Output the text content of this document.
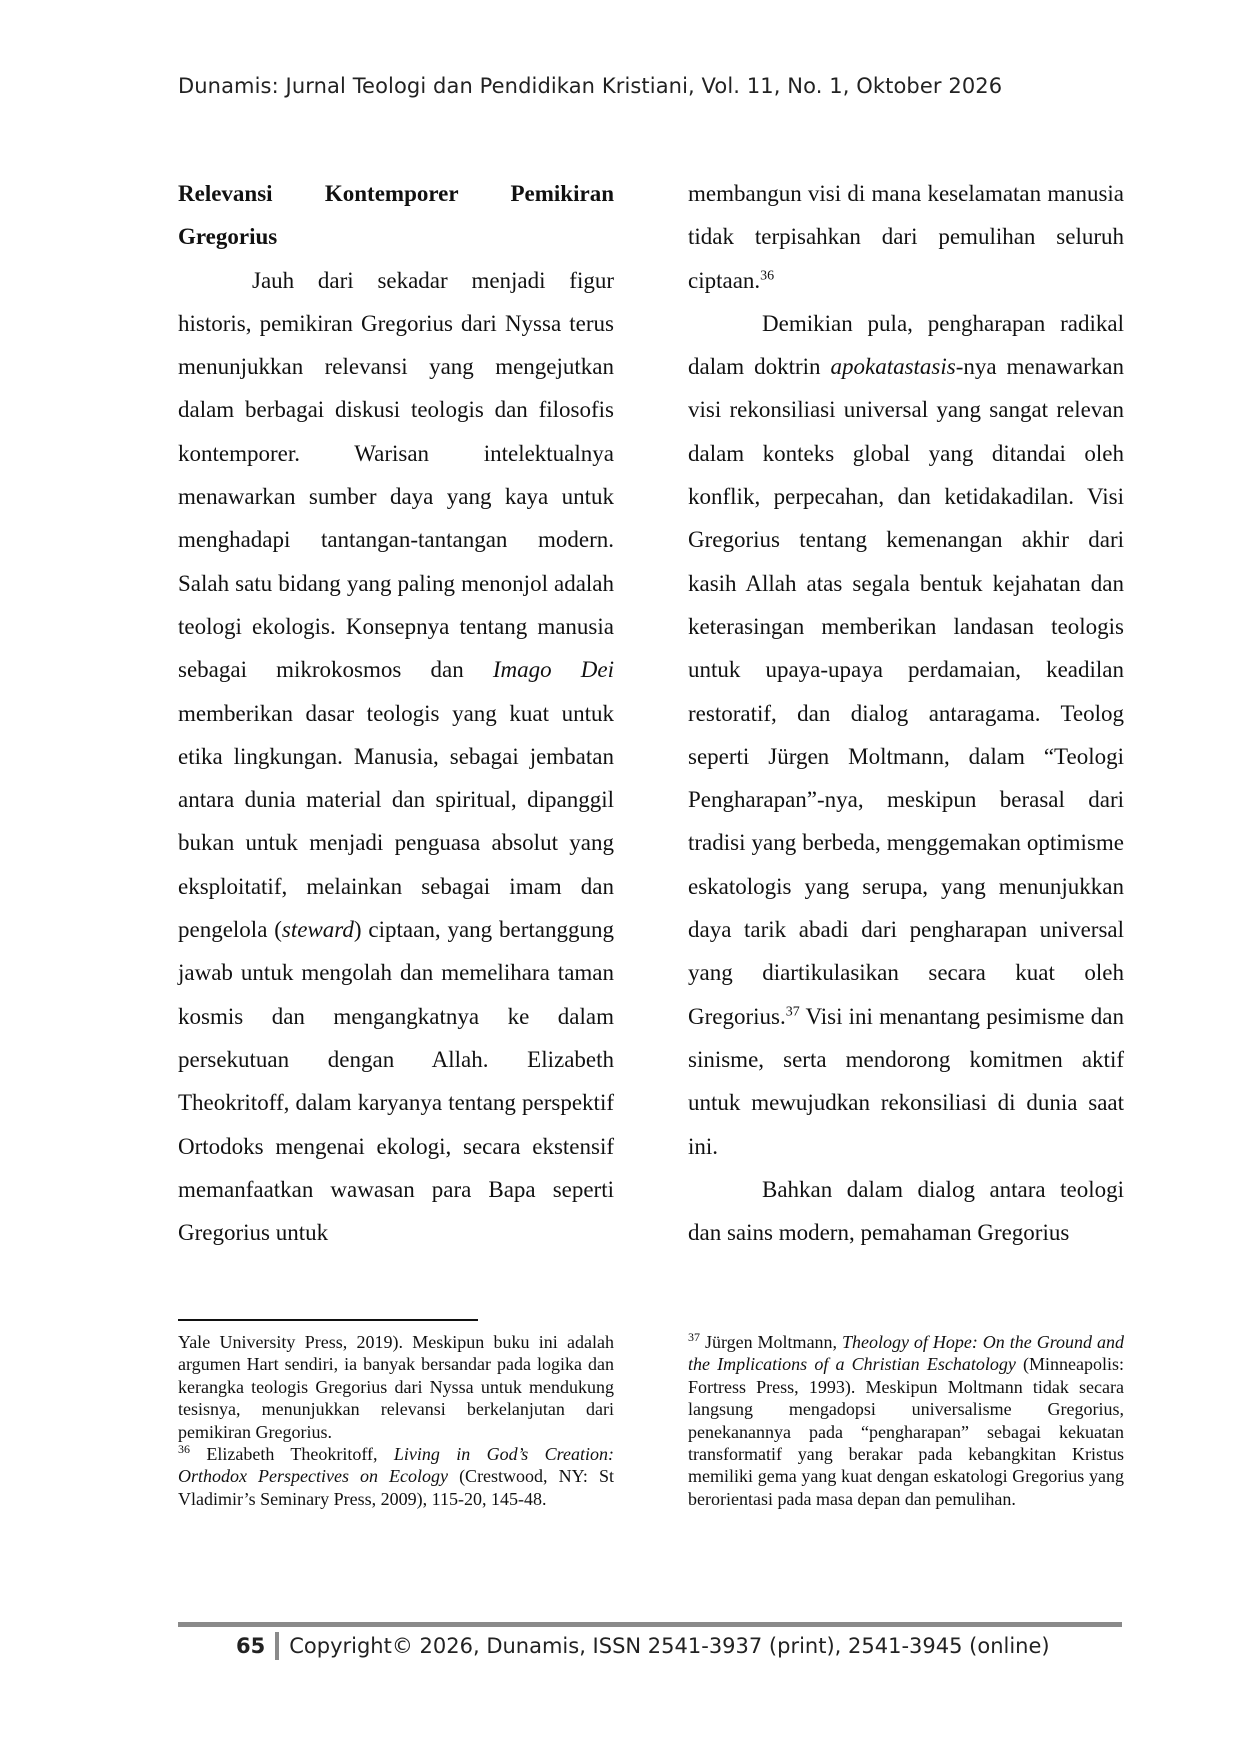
Dunamis: Jurnal Teologi dan Pendidikan Kristiani, Vol. 11, No. 1, Oktober 2026
Relevansi Kontemporer Pemikiran
Gregorius

Jauh dari sekadar menjadi figur historis, pemikiran Gregorius dari Nyssa terus menunjukkan relevansi yang mengejutkan dalam berbagai diskusi teologis dan filosofis kontemporer. Warisan intelektualnya menawarkan sumber daya yang kaya untuk menghadapi tantangan-tantangan modern. Salah satu bidang yang paling menonjol adalah teologi ekologis. Konsepnya tentang manusia sebagai mikrokosmos dan Imago Dei memberikan dasar teologis yang kuat untuk etika lingkungan. Manusia, sebagai jembatan antara dunia material dan spiritual, dipanggil bukan untuk menjadi penguasa absolut yang eksploitatif, melainkan sebagai imam dan pengelola (steward) ciptaan, yang bertanggung jawab untuk mengolah dan memelihara taman kosmis dan mengangkatnya ke dalam persekutuan dengan Allah. Elizabeth Theokritoff, dalam karyanya tentang perspektif Ortodoks mengenai ekologi, secara ekstensif memanfaatkan wawasan para Bapa seperti Gregorius untuk

membangun visi di mana keselamatan manusia tidak terpisahkan dari pemulihan seluruh ciptaan.$^{36}$

Demikian pula, pengharapan radikal dalam doktrin apokatastasis-nya menawarkan visi rekonsiliasi universal yang sangat relevan dalam konteks global yang ditandai oleh konflik, perpecahan, dan ketidakadilan. Visi Gregorius tentang kemenangan akhir dari kasih Allah atas segala bentuk kejahatan dan keterasingan memberikan landasan teologis untuk upaya-upaya perdamaian, keadilan restoratif, dan dialog antaragama. Teolog seperti Jürgen Moltmann, dalam “Teologi Pengharapan”-nya, meskipun berasal dari tradisi yang berbeda, menggemakan optimisme eskatologis yang serupa, yang menunjukkan daya tarik abadi dari pengharapan universal yang diartikulasikan secara kuat oleh Gregorius.$^{37}$ Visi ini menantang pesimisme dan sinisme, serta mendorong komitmen aktif untuk mewujudkan rekonsiliasi di dunia saat ini.

Bahkan dalam dialog antara teologi dan sains modern, pemahaman Gregorius

Yale University Press, 2019). Meskipun buku ini adalah argumen Hart sendiri, ia banyak bersandar pada logika dan kerangka teologis Gregorius dari Nyssa untuk mendukung tesisnya, menunjukkan relevansi berkelanjutan dari pemikiran Gregorius.

$^{36}$ Elizabeth Theokritoff, Living in God’s Creation: Orthodox Perspectives on Ecology (Crestwood, NY: St Vladimir’s Seminary Press, 2009), 115-20, 145-48.

$^{37}$ Jürgen Moltmann, Theology of Hope: On the Ground and the Implications of a Christian Eschatology (Minneapolis: Fortress Press, 1993). Meskipun Moltmann tidak secara langsung mengadopsi universalisme Gregorius, penekanannya pada “pengharapan” sebagai kekuatan transformatif yang berakar pada kebangkitan Kristus memiliki gema yang kuat dengan eskatologi Gregorius yang berorientasi pada masa depan dan pemulihan.

65 Copyright© 2026, Dunamis, ISSN 2541-3937 (print), 2541-3945 (online)
